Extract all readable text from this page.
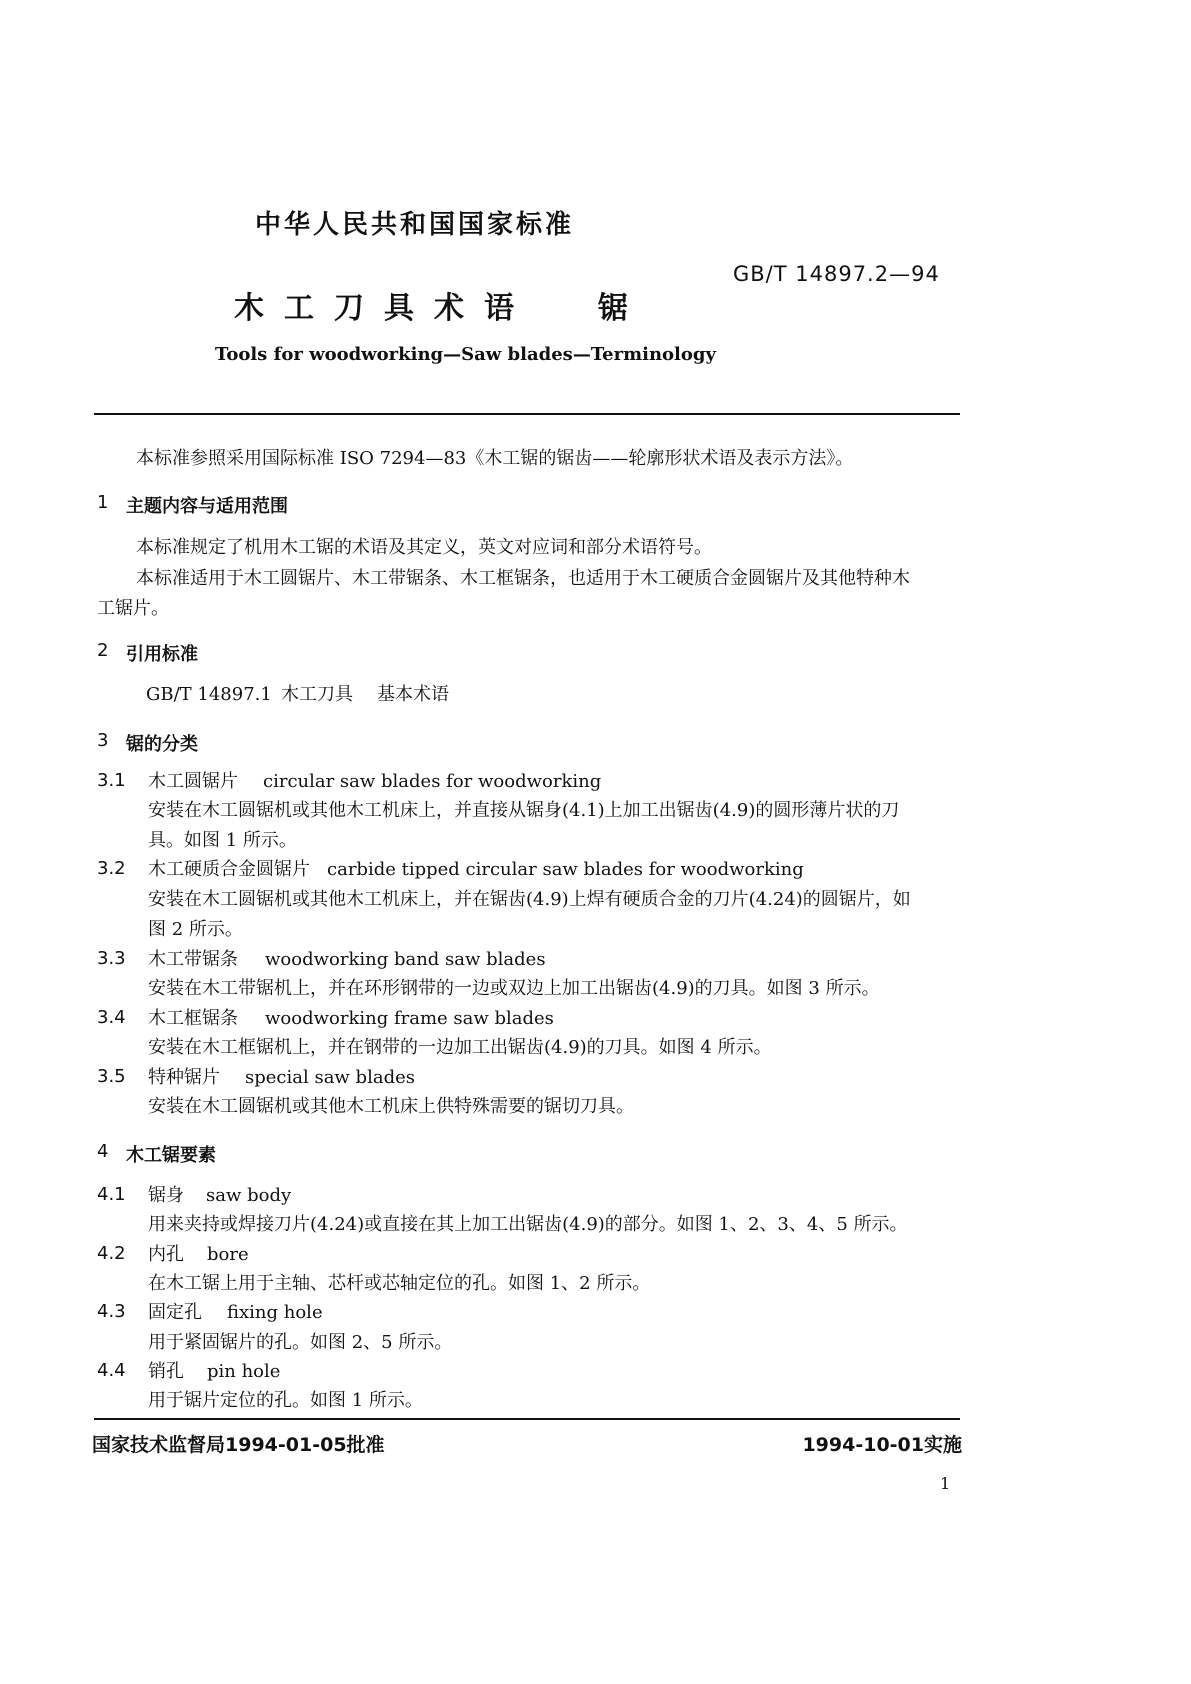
中华人民共和国国家标准
GB/T 14897.2—94
木工刀具术语 锯
Tools for woodworking—Saw blades—Terminology
本标准参照采用国际标准 ISO 7294—83《木工锯的锯齿——轮廓形状术语及表示方法》。
1 主题内容与适用范围
本标准规定了机用木工锯的术语及其定义，英文对应词和部分术语符号。
本标准适用于木工圆锯片、木工带锯条、木工框锯条，也适用于木工硬质合金圆锯片及其他特种木
工锯片。
2 引用标准
GB/T 14897.1 木工刀具 基本术语
3 锯的分类
3.1 木工圆锯片 circular saw blades for woodworking
安装在木工圆锯机或其他木工机床上，并直接从锯身(4.1)上加工出锯齿(4.9)的圆形薄片状的刀
具。如图 1 所示。
3.2 木工硬质合金圆锯片 carbide tipped circular saw blades for woodworking
安装在木工圆锯机或其他木工机床上，并在锯齿(4.9)上焊有硬质合金的刀片(4.24)的圆锯片，如
图 2 所示。
3.3 木工带锯条 woodworking band saw blades
安装在木工带锯机上，并在环形钢带的一边或双边上加工出锯齿(4.9)的刀具。如图 3 所示。
3.4 木工框锯条 woodworking frame saw blades
安装在木工框锯机上，并在钢带的一边加工出锯齿(4.9)的刀具。如图 4 所示。
3.5 特种锯片 special saw blades
安装在木工圆锯机或其他木工机床上供特殊需要的锯切刀具。
4 木工锯要素
4.1 锯身 saw body
用来夹持或焊接刀片(4.24)或直接在其上加工出锯齿(4.9)的部分。如图 1、2、3、4、5 所示。
4.2 内孔 bore
在木工锯上用于主轴、芯杆或芯轴定位的孔。如图 1、2 所示。
4.3 固定孔 fixing hole
用于紧固锯片的孔。如图 2、5 所示。
4.4 销孔 pin hole
用于锯片定位的孔。如图 1 所示。
国家技术监督局1994-01-05批准	1994-10-01实施
1
